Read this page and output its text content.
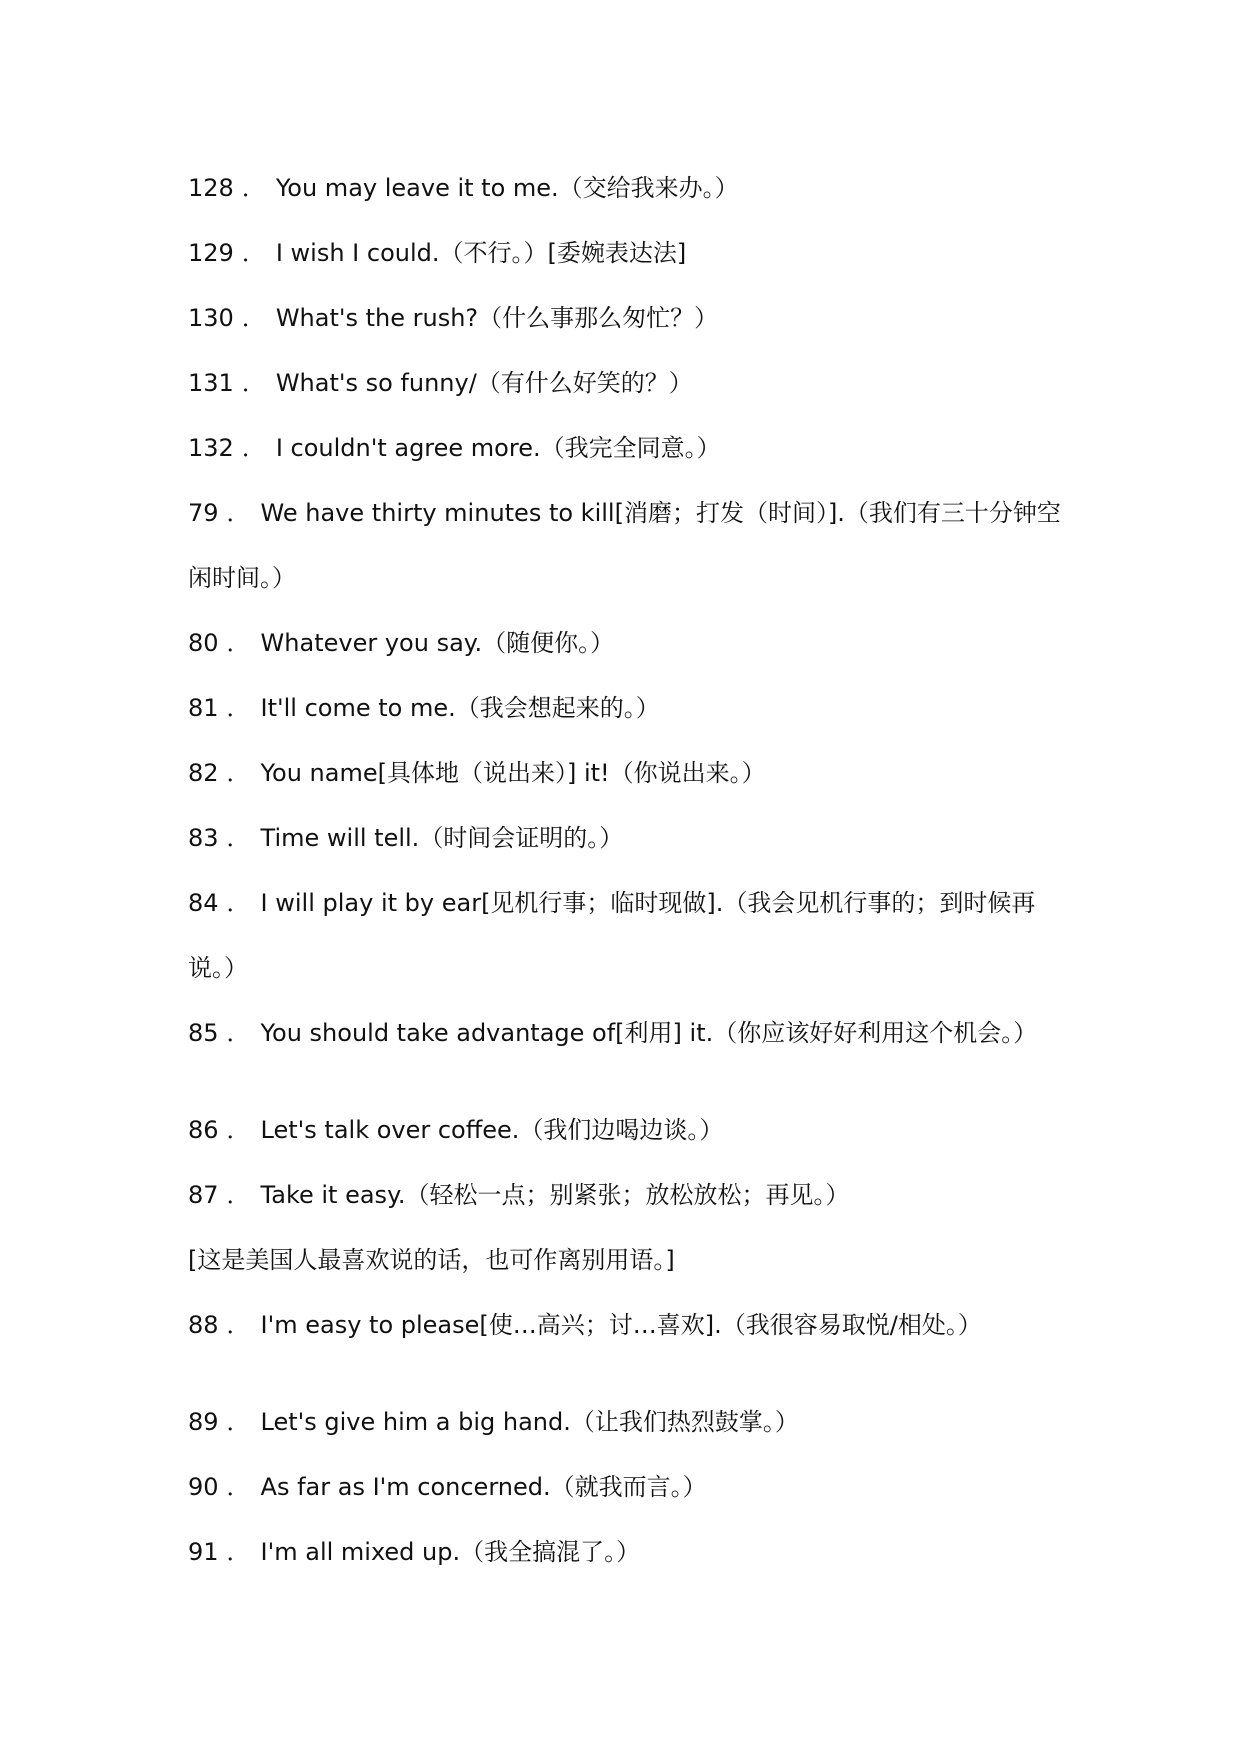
128 ． You may leave it to me.（交给我来办。）

129 ． I wish I could.（不行。）[委婉表达法]

130 ． What's the rush?（什么事那么匆忙？）

131 ． What's so funny/（有什么好笑的？）

132 ． I couldn't agree more.（我完全同意。）

79 ． We have thirty minutes to kill[消磨；打发（时间）].（我们有三十分钟空闲时间。）

80 ． Whatever you say.（随便你。）

81 ． It'll come to me.（我会想起来的。）

82 ． You name[具体地（说出来）] it!（你说出来。）

83 ． Time will tell.（时间会证明的。）

84 ． I will play it by ear[见机行事；临时现做].（我会见机行事的；到时候再说。）

85 ． You should take advantage of[利用] it.（你应该好好利用这个机会。）

86 ． Let's talk over coffee.（我们边喝边谈。）

87 ． Take it easy.（轻松一点；别紧张；放松放松；再见。）

[这是美国人最喜欢说的话，也可作离别用语。]

88 ． I'm easy to please[使…高兴；讨…喜欢].（我很容易取悦/相处。）

89 ． Let's give him a big hand.（让我们热烈鼓掌。）

90 ． As far as I'm concerned.（就我而言。）

91 ． I'm all mixed up.（我全搞混了。）
